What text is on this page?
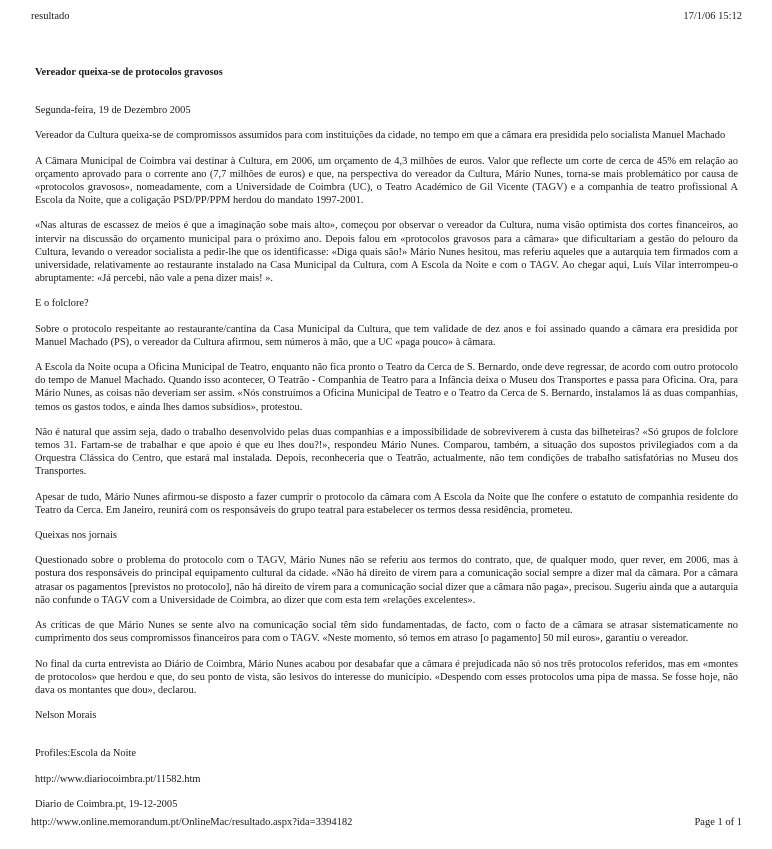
resultado	17/1/06 15:12

Vereador queixa-se de protocolos gravosos

Segunda-feira, 19 de Dezembro 2005

Vereador da Cultura queixa-se de compromissos assumidos para com instituições da cidade, no tempo em que a câmara era presidida pelo socialista Manuel Machado

A Câmara Municipal de Coimbra vai destinar à Cultura, em 2006, um orçamento de 4,3 milhões de euros. Valor que reflecte um corte de cerca de 45% em relação ao orçamento aprovado para o corrente ano (7,7 milhões de euros) e que, na perspectiva do vereador da Cultura, Mário Nunes, torna-se mais problemático por causa de «protocolos gravosos», nomeadamente, com a Universidade de Coimbra (UC), o Teatro Académico de Gil Vicente (TAGV) e a companhia de teatro profissional A Escola da Noite, que a coligação PSD/PP/PPM herdou do mandato 1997-2001.

«Nas alturas de escassez de meios é que a imaginação sobe mais alto», começou por observar o vereador da Cultura, numa visão optimista dos cortes financeiros, ao intervir na discussão do orçamento municipal para o próximo ano. Depois falou em «protocolos gravosos para a câmara» que dificultariam a gestão do pelouro da Cultura, levando o vereador socialista a pedir-lhe que os identificasse: «Diga quais são!» Mário Nunes hesitou, mas referiu aqueles que a autarquia tem firmados com a universidade, relativamente ao restaurante instalado na Casa Municipal da Cultura, com A Escola da Noite e com o TAGV. Ao chegar aqui, Luís Vilar interrompeu-o abruptamente: «Já percebi, não vale a pena dizer mais! ».

E o folclore?

Sobre o protocolo respeitante ao restaurante/cantina da Casa Municipal da Cultura, que tem validade de dez anos e foi assinado quando a câmara era presidida por Manuel Machado (PS), o vereador da Cultura afirmou, sem números à mão, que a UC «paga pouco» à câmara.

A Escola da Noite ocupa a Oficina Municipal de Teatro, enquanto não fica pronto o Teatro da Cerca de S. Bernardo, onde deve regressar, de acordo com outro protocolo do tempo de Manuel Machado. Quando isso acontecer, O Teatrão - Companhia de Teatro para a Infância deixa o Museu dos Transportes e passa para Oficina. Ora, para Mário Nunes, as coisas não deveriam ser assim. «Nós construímos a Oficina Municipal de Teatro e o Teatro da Cerca de S. Bernardo, instalamos lá as duas companhias, temos os gastos todos, e ainda lhes damos subsídios», protestou.

Não é natural que assim seja, dado o trabalho desenvolvido pelas duas companhias e a impossibilidade de sobreviverem à custa das bilheteiras? «Só grupos de folclore temos 31. Fartam-se de trabalhar e que apoio é que eu lhes dou?!», respondeu Mário Nunes. Comparou, também, a situação dos supostos privilegiados com a da Orquestra Clássica do Centro, que estará mal instalada. Depois, reconheceria que o Teatrão, actualmente, não tem condições de trabalho satisfatórias no Museu dos Transportes.

Apesar de tudo, Mário Nunes afirmou-se disposto a fazer cumprir o protocolo da câmara com A Escola da Noite que lhe confere o estatuto de companhia residente do Teatro da Cerca. Em Janeiro, reunirá com os responsáveis do grupo teatral para estabelecer os termos dessa residência, prometeu.

Queixas nos jornais

Questionado sobre o problema do protocolo com o TAGV, Mário Nunes não se referiu aos termos do contrato, que, de qualquer modo, quer rever, em 2006, mas à postura dos responsáveis do principal equipamento cultural da cidade. «Não há direito de virem para a comunicação social sempre a dizer mal da câmara. Por a câmara atrasar os pagamentos [previstos no protocolo], não há direito de virem para a comunicação social dizer que a câmara não paga», precisou. Sugeriu ainda que a autarquia não confunde o TAGV com a Universidade de Coimbra, ao dizer que com esta tem «relações excelentes».

As críticas de que Mário Nunes se sente alvo na comunicação social têm sido fundamentadas, de facto, com o facto de a câmara se atrasar sistematicamente no cumprimento dos seus compromissos financeiros para com o TAGV. «Neste momento, só temos em atraso [o pagamento] 50 mil euros», garantiu o vereador.

No final da curta entrevista ao Diário de Coimbra, Mário Nunes acabou por desabafar que a câmara é prejudicada não só nos três protocolos referidos, mas em «montes de protocolos» que herdou e que, do seu ponto de vista, são lesivos do interesse do município. «Despendo com esses protocolos uma pipa de massa. Se fosse hoje, não dava os montantes que dou», declarou.

Nelson Morais

Profiles:Escola da Noite

http://www.diariocoimbra.pt/11582.htm

Diario de Coimbra.pt, 19-12-2005

http://www.online.memorandum.pt/OnlineMac/resultado.aspx?ida=3394182	Page 1 of 1
